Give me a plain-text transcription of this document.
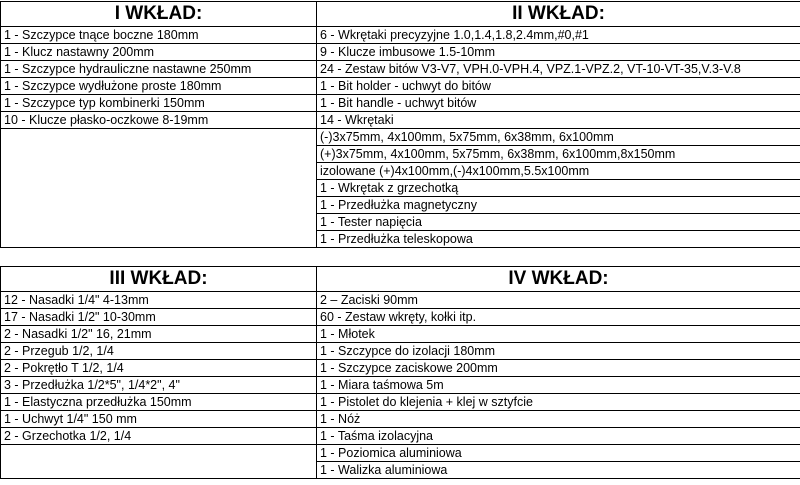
I WKŁAD:	II WKŁAD:
1 - Szczypce tnące boczne 180mm	6 - Wkrętaki precyzyjne 1.0,1.4,1.8,2.4mm,#0,#1
1 - Klucz nastawny 200mm	9 - Klucze imbusowe 1.5-10mm
1 - Szczypce hydrauliczne nastawne 250mm	24 - Zestaw bitów V3-V7, VPH.0-VPH.4, VPZ.1-VPZ.2, VT-10-VT-35,V.3-V.8
1 - Szczypce wydłużone proste 180mm	1 - Bit holder - uchwyt do bitów
1 - Szczypce typ kombinerki 150mm	1 - Bit handle - uchwyt bitów
10 - Klucze płasko-oczkowe 8-19mm	14 - Wkrętaki
	(-)3x75mm, 4x100mm, 5x75mm, 6x38mm, 6x100mm
	(+)3x75mm, 4x100mm, 5x75mm, 6x38mm, 6x100mm,8x150mm
	izolowane (+)4x100mm,(-)4x100mm,5.5x100mm
	1 - Wkrętak z grzechotką
	1 - Przedłużka magnetyczny
	1 - Tester napięcia
	1 - Przedłużka teleskopowa
III WKŁAD:	IV WKŁAD:
12 - Nasadki 1/4" 4-13mm	2 – Zaciski 90mm
17 - Nasadki 1/2" 10-30mm	60 - Zestaw wkręty, kołki itp.
2 - Nasadki 1/2" 16, 21mm	1 - Młotek
2 - Przegub 1/2, 1/4	1 - Szczypce do izolacji 180mm
2 - Pokrętło T 1/2, 1/4	1 - Szczypce zaciskowe 200mm
3 - Przedłużka 1/2*5", 1/4*2", 4"	1 - Miara taśmowa 5m
1 - Elastyczna przedłużka 150mm	1 - Pistolet do klejenia + klej w sztyfcie
1 - Uchwyt 1/4" 150 mm	1 - Nóż
2 - Grzechotka 1/2, 1/4	1 - Taśma izolacyjna
	1 - Poziomica aluminiowa
	1 - Walizka aluminiowa
